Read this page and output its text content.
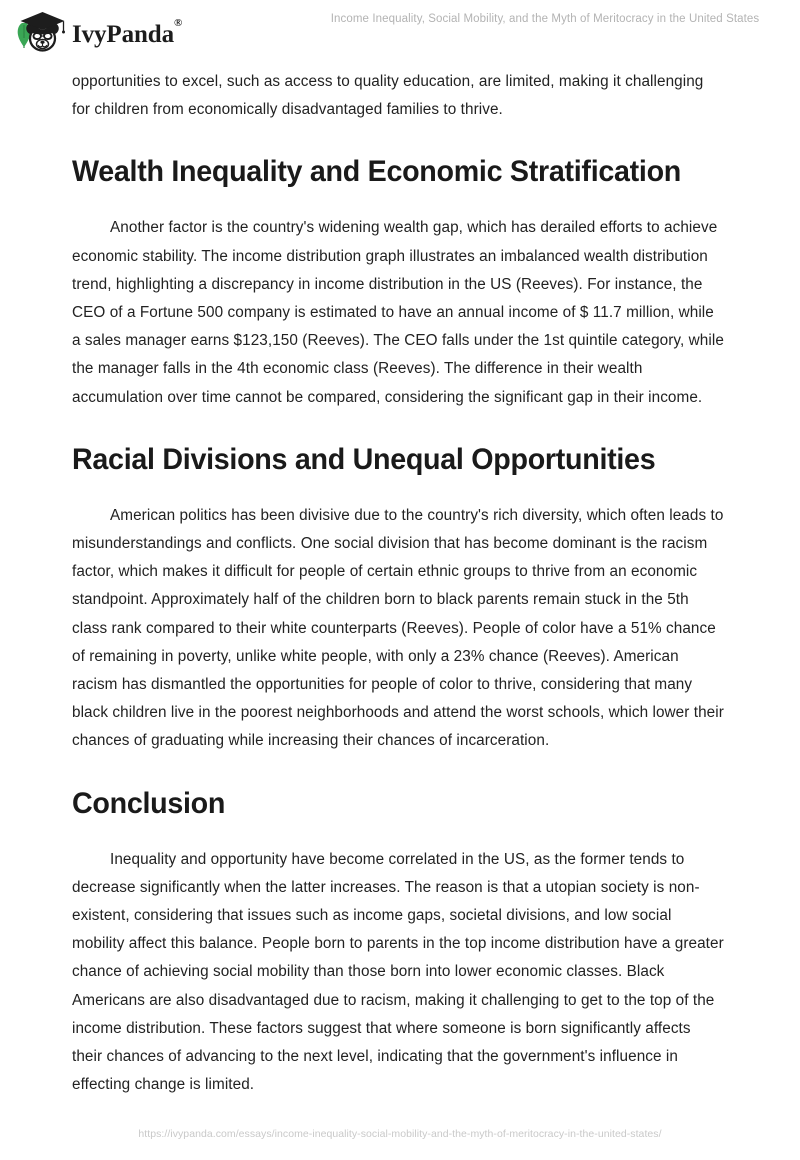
IvyPanda®	Income Inequality, Social Mobility, and the Myth of Meritocracy in the United States

opportunities to excel, such as access to quality education, are limited, making it challenging for children from economically disadvantaged families to thrive.

Wealth Inequality and Economic Stratification

Another factor is the country's widening wealth gap, which has derailed efforts to achieve economic stability. The income distribution graph illustrates an imbalanced wealth distribution trend, highlighting a discrepancy in income distribution in the US (Reeves). For instance, the CEO of a Fortune 500 company is estimated to have an annual income of $ 11.7 million, while a sales manager earns $123,150 (Reeves). The CEO falls under the 1st quintile category, while the manager falls in the 4th economic class (Reeves). The difference in their wealth accumulation over time cannot be compared, considering the significant gap in their income.

Racial Divisions and Unequal Opportunities

American politics has been divisive due to the country's rich diversity, which often leads to misunderstandings and conflicts. One social division that has become dominant is the racism factor, which makes it difficult for people of certain ethnic groups to thrive from an economic standpoint. Approximately half of the children born to black parents remain stuck in the 5th class rank compared to their white counterparts (Reeves). People of color have a 51% chance of remaining in poverty, unlike white people, with only a 23% chance (Reeves). American racism has dismantled the opportunities for people of color to thrive, considering that many black children live in the poorest neighborhoods and attend the worst schools, which lower their chances of graduating while increasing their chances of incarceration.

Conclusion

Inequality and opportunity have become correlated in the US, as the former tends to decrease significantly when the latter increases. The reason is that a utopian society is non-existent, considering that issues such as income gaps, societal divisions, and low social mobility affect this balance. People born to parents in the top income distribution have a greater chance of achieving social mobility than those born into lower economic classes. Black Americans are also disadvantaged due to racism, making it challenging to get to the top of the income distribution. These factors suggest that where someone is born significantly affects their chances of advancing to the next level, indicating that the government's influence in effecting change is limited.

https://ivypanda.com/essays/income-inequality-social-mobility-and-the-myth-of-meritocracy-in-the-united-states/
